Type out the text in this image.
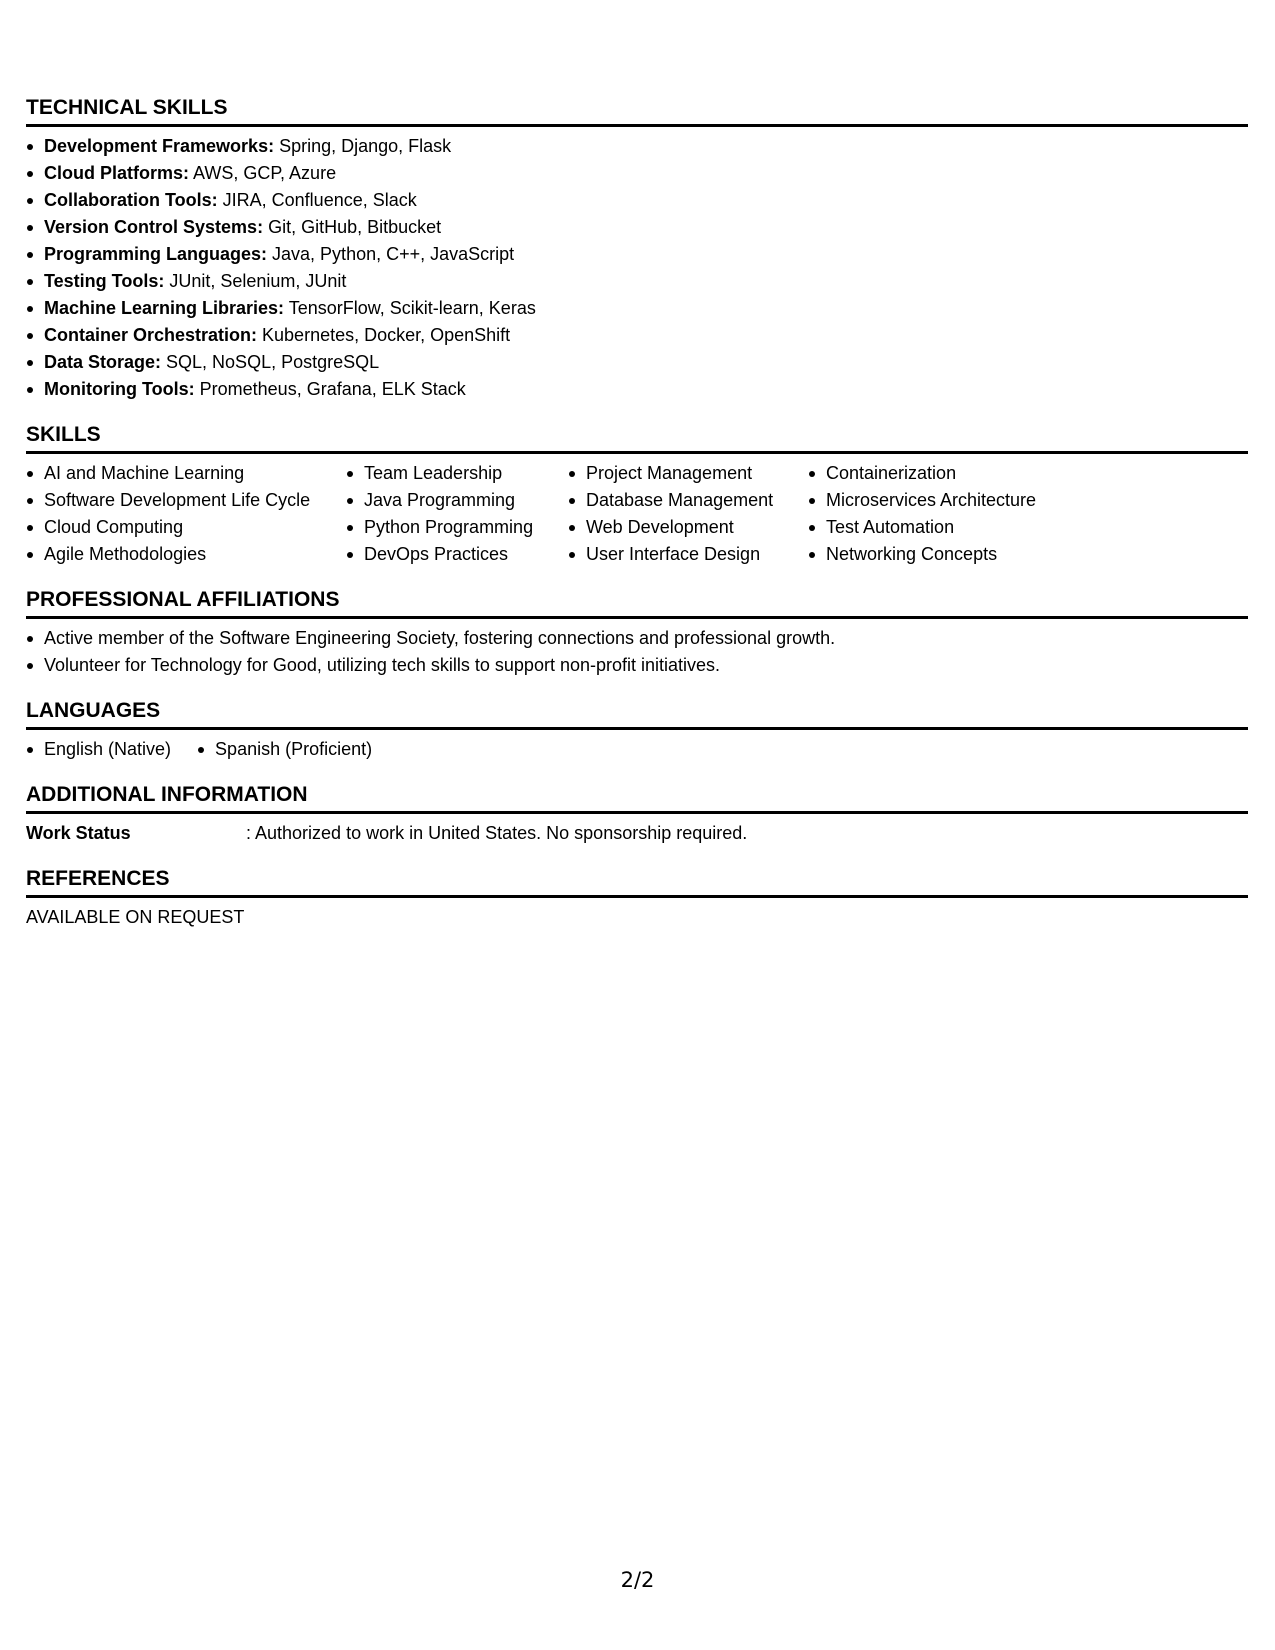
TECHNICAL SKILLS
Development Frameworks: Spring, Django, Flask
Cloud Platforms: AWS, GCP, Azure
Collaboration Tools: JIRA, Confluence, Slack
Version Control Systems: Git, GitHub, Bitbucket
Programming Languages: Java, Python, C++, JavaScript
Testing Tools: JUnit, Selenium, JUnit
Machine Learning Libraries: TensorFlow, Scikit-learn, Keras
Container Orchestration: Kubernetes, Docker, OpenShift
Data Storage: SQL, NoSQL, PostgreSQL
Monitoring Tools: Prometheus, Grafana, ELK Stack
SKILLS
AI and Machine Learning
Software Development Life Cycle
Cloud Computing
Agile Methodologies
Team Leadership
Java Programming
Python Programming
DevOps Practices
Project Management
Database Management
Web Development
User Interface Design
Containerization
Microservices Architecture
Test Automation
Networking Concepts
PROFESSIONAL AFFILIATIONS
Active member of the Software Engineering Society, fostering connections and professional growth.
Volunteer for Technology for Good, utilizing tech skills to support non-profit initiatives.
LANGUAGES
English (Native) Spanish (Proficient)
ADDITIONAL INFORMATION
Work Status	: Authorized to work in United States. No sponsorship required.
REFERENCES
AVAILABLE ON REQUEST
2/2
